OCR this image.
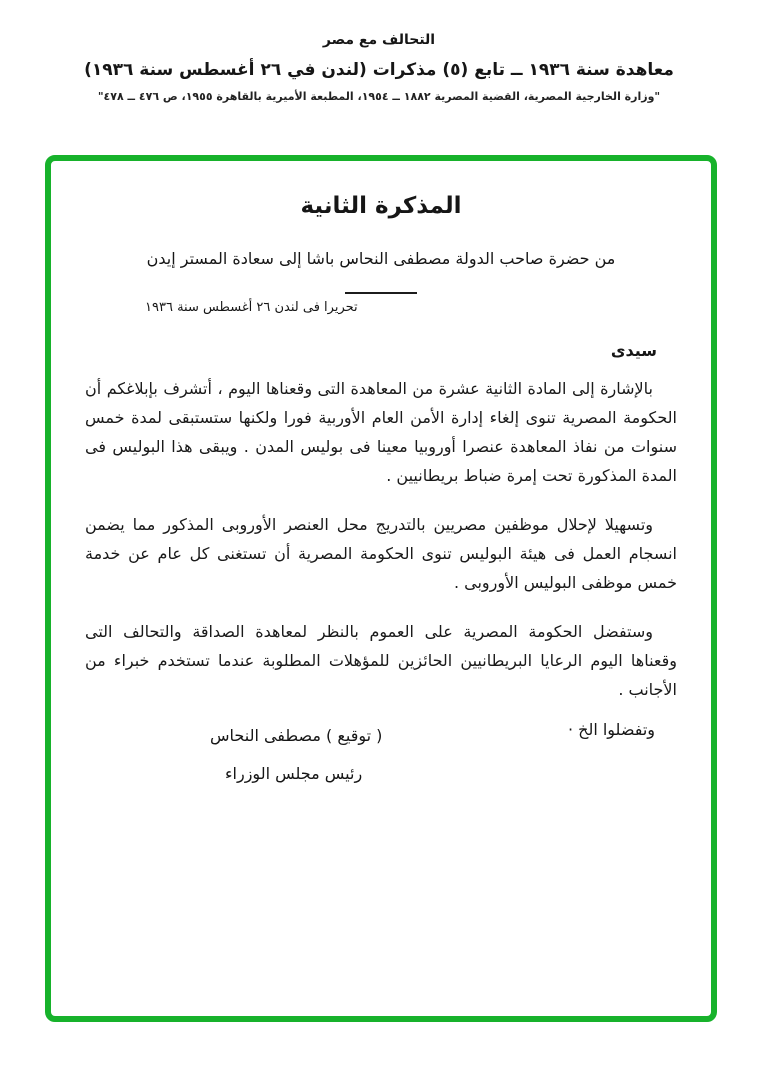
التحالف مع مصر
معاهدة سنة ١٩٣٦ ــ تابع (٥) مذكرات (لندن في ٢٦ أغسطس سنة ١٩٣٦)
"وزارة الخارجية المصرية، القضية المصرية ١٨٨٢ ــ ١٩٥٤، المطبعة الأميرية بالقاهرة ١٩٥٥، ص ٤٧٦ ــ ٤٧٨"
المذكرة الثانية
من حضرة صاحب الدولة مصطفى النحاس باشا إلى سعادة المستر إيدن
تحريرا فى لندن ٢٦ أغسطس سنة ١٩٣٦
سيدى

بالإشارة إلى المادة الثانية عشرة من المعاهدة التى وقعناها اليوم ، أتشرف بإبلاغكم أن الحكومة المصرية تنوى إلغاء إدارة الأمن العام الأوربية فورا ولكنها ستستبقى لمدة خمس سنوات من نفاذ المعاهدة عنصرا أوروبيا معينا فى بوليس المدن . ويبقى هذا البوليس فى المدة المذكورة تحت إمرة ضباط بريطانيين .

وتسهيلا لإحلال موظفين مصريين بالتدريج محل العنصر الأوروبى المذكور مما يضمن انسجام العمل فى هيئة البوليس تنوى الحكومة المصرية أن تستغنى كل عام عن خدمة خمس موظفى البوليس الأوروبى .

وستفضل الحكومة المصرية على العموم بالنظر لمعاهدة الصداقة والتحالف التى وقعناها اليوم الرعايا البريطانيين الحائزين للمؤهلات المطلوبة عندما تستخدم خبراء من الأجانب .

وتفضلوا الخ ·
( توقيع ) مصطفى النحاس
رئيس مجلس الوزراء
